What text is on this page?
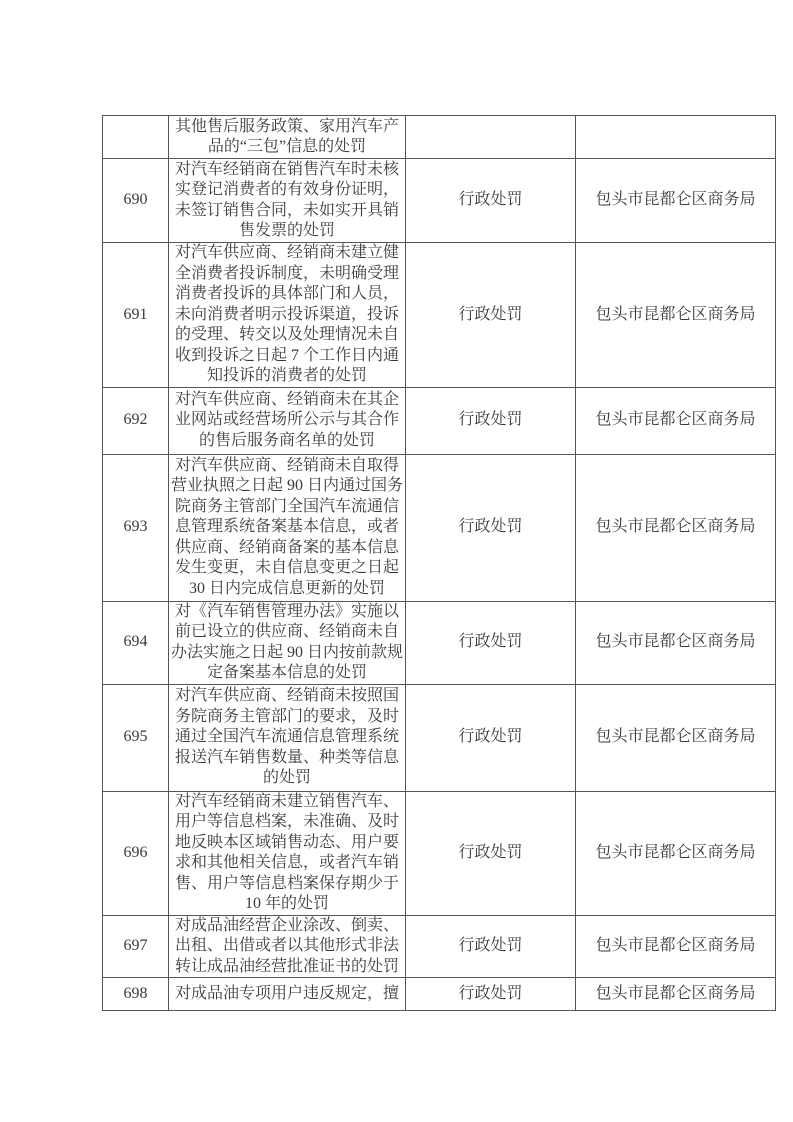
	其他售后服务政策、家用汽车产品的“三包”信息的处罚		
690	对汽车经销商在销售汽车时未核实登记消费者的有效身份证明，未签订销售合同，未如实开具销售发票的处罚	行政处罚	包头市昆都仑区商务局
691	对汽车供应商、经销商未建立健全消费者投诉制度，未明确受理消费者投诉的具体部门和人员，未向消费者明示投诉渠道，投诉的受理、转交以及处理情况未自收到投诉之日起 7 个工作日内通知投诉的消费者的处罚	行政处罚	包头市昆都仑区商务局
692	对汽车供应商、经销商未在其企业网站或经营场所公示与其合作的售后服务商名单的处罚	行政处罚	包头市昆都仑区商务局
693	对汽车供应商、经销商未自取得营业执照之日起 90 日内通过国务院商务主管部门全国汽车流通信息管理系统备案基本信息，或者供应商、经销商备案的基本信息发生变更，未自信息变更之日起 30 日内完成信息更新的处罚	行政处罚	包头市昆都仑区商务局
694	对《汽车销售管理办法》实施以前已设立的供应商、经销商未自办法实施之日起 90 日内按前款规定备案基本信息的处罚	行政处罚	包头市昆都仑区商务局
695	对汽车供应商、经销商未按照国务院商务主管部门的要求，及时通过全国汽车流通信息管理系统报送汽车销售数量、种类等信息的处罚	行政处罚	包头市昆都仑区商务局
696	对汽车经销商未建立销售汽车、用户等信息档案，未准确、及时地反映本区域销售动态、用户要求和其他相关信息，或者汽车销售、用户等信息档案保存期少于 10 年的处罚	行政处罚	包头市昆都仑区商务局
697	对成品油经营企业涂改、倒卖、出租、出借或者以其他形式非法转让成品油经营批准证书的处罚	行政处罚	包头市昆都仑区商务局
698	对成品油专项用户违反规定，擅	行政处罚	包头市昆都仑区商务局
